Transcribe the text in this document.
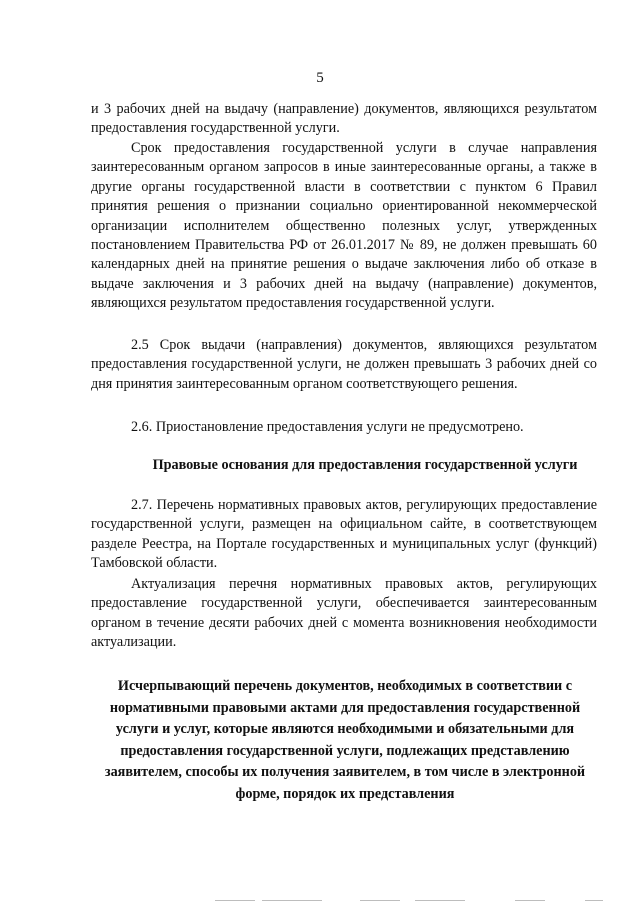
5

и 3 рабочих дней на выдачу (направление) документов, являющихся результатом предоставления государственной услуги.

Срок предоставления государственной услуги в случае направления заинтересованным органом запросов в иные заинтересованные органы, а также в другие органы государственной власти в соответствии с пунктом 6 Правил принятия решения о признании социально ориентированной некоммерческой организации исполнителем общественно полезных услуг, утвержденных постановлением Правительства РФ от 26.01.2017 № 89, не должен превышать 60 календарных дней на принятие решения о выдаче заключения либо об отказе в выдаче заключения и 3 рабочих дней на выдачу (направление) документов, являющихся результатом предоставления государственной услуги.

2.5 Срок выдачи (направления) документов, являющихся результатом предоставления государственной услуги, не должен превышать 3 рабочих дней со дня принятия заинтересованным органом соответствующего решения.

2.6. Приостановление предоставления услуги не предусмотрено.

Правовые основания для предоставления государственной услуги

2.7. Перечень нормативных правовых актов, регулирующих предоставление государственной услуги, размещен на официальном сайте, в соответствующем разделе Реестра, на Портале государственных и муниципальных услуг (функций) Тамбовской области.

Актуализация перечня нормативных правовых актов, регулирующих предоставление государственной услуги, обеспечивается заинтересованным органом в течение десяти рабочих дней с момента возникновения необходимости актуализации.

Исчерпывающий перечень документов, необходимых в соответствии с нормативными правовыми актами для предоставления государственной услуги и услуг, которые являются необходимыми и обязательными для предоставления государственной услуги, подлежащих представлению заявителем, способы их получения заявителем, в том числе в электронной форме, порядок их представления
